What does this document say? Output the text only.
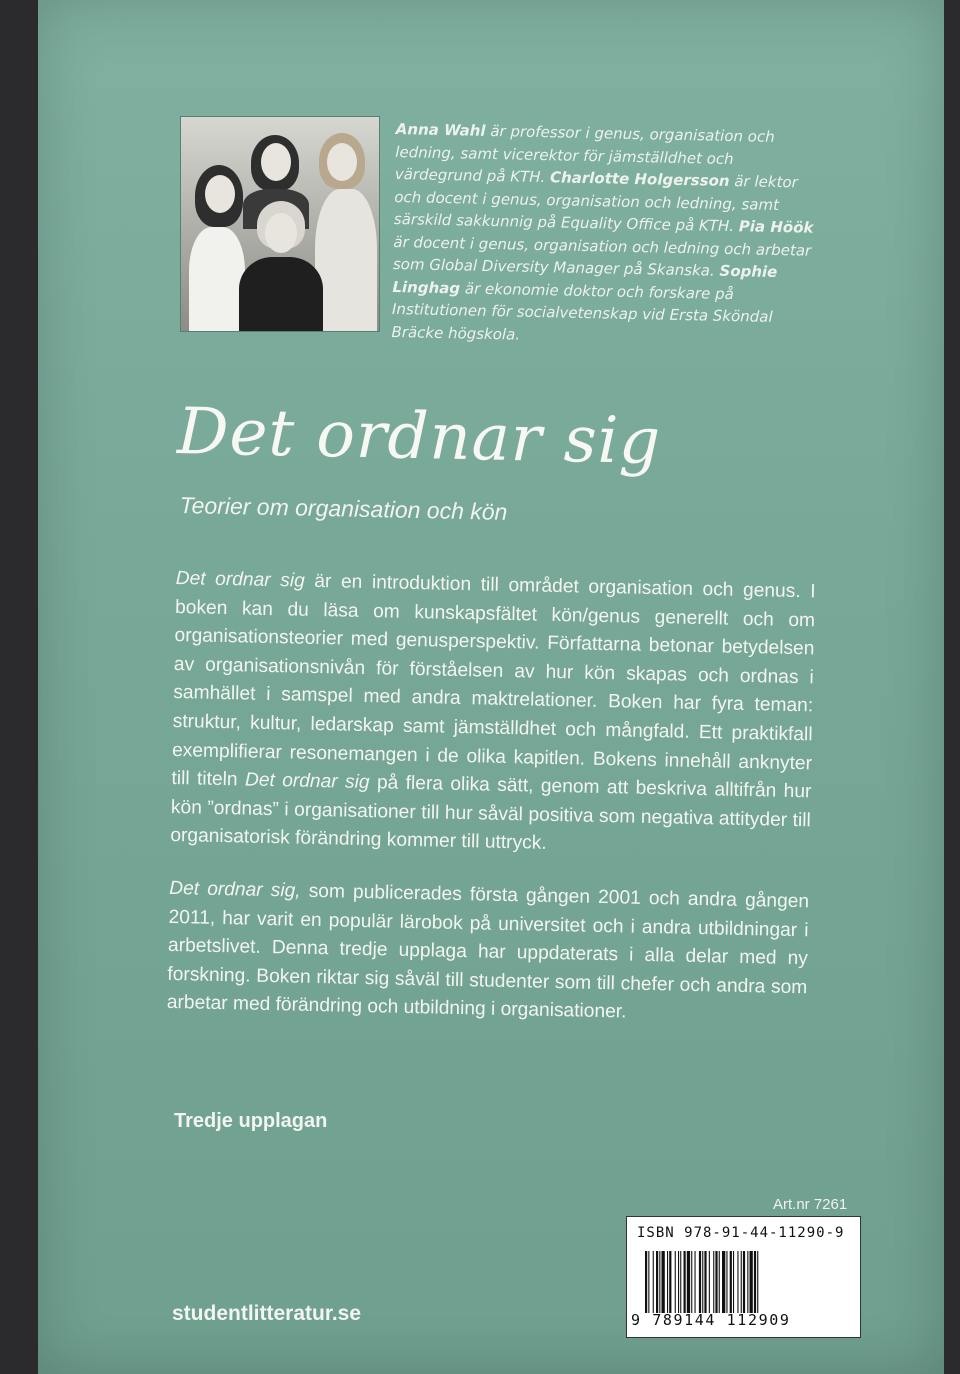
Anna Wahl är professor i genus, organisation och ledning, samt vicerektor för jämställdhet och värdegrund på KTH. Charlotte Holgersson är lektor och docent i genus, organisation och ledning, samt särskild sakkunnig på Equality Office på KTH. Pia Höök är docent i genus, organisation och ledning och arbetar som Global Diversity Manager på Skanska. Sophie Linghag är ekonomie doktor och forskare på Institutionen för socialvetenskap vid Ersta Sköndal Bräcke högskola.
Det ordnar sig
Teorier om organisation och kön

Det ordnar sig är en introduktion till området organisation och genus. I boken kan du läsa om kunskapsfältet kön/genus generellt och om organisationsteorier med genusperspektiv. Författarna betonar betydelsen av organisationsnivån för förståelsen av hur kön skapas och ordnas i samhället i samspel med andra maktrelationer. Boken har fyra teman: struktur, kultur, ledarskap samt jämställdhet och mångfald. Ett praktikfall exemplifierar resonemangen i de olika kapitlen. Bokens innehåll anknyter till titeln Det ordnar sig på flera olika sätt, genom att beskriva alltifrån hur kön ”ordnas” i organisationer till hur såväl positiva som negativa attityder till organisatorisk förändring kommer till uttryck.

Det ordnar sig, som publicerades första gången 2001 och andra gången 2011, har varit en populär lärobok på universitet och i andra utbildningar i arbetslivet. Denna tredje upplaga har uppdaterats i alla delar med ny forskning. Boken riktar sig såväl till studenter som till chefer och andra som arbetar med förändring och utbildning i organisationer.

Tredje upplagan
Art.nr 7261
ISBN 978-91-44-11290-9
9 789144 112909
studentlitteratur.se
